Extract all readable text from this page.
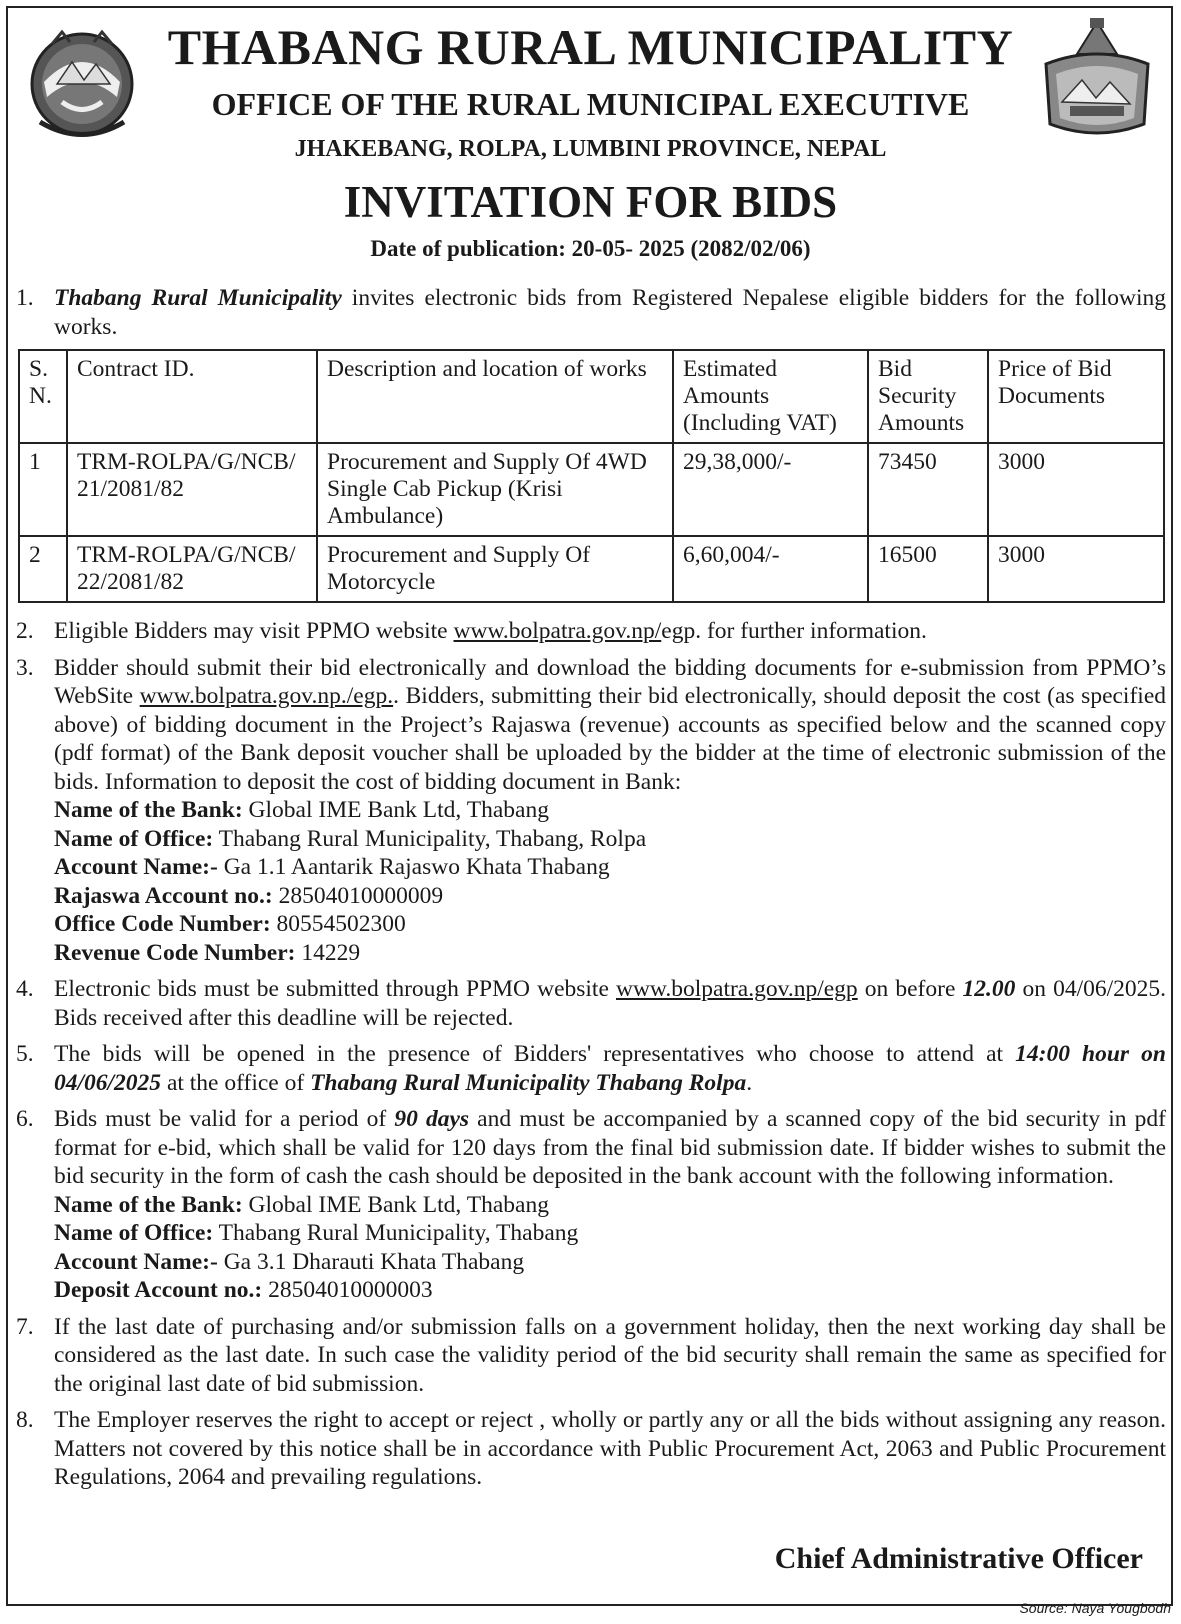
THABANG RURAL MUNICIPALITY
OFFICE OF THE RURAL MUNICIPAL EXECUTIVE
JHAKEBANG, ROLPA, LUMBINI PROVINCE, NEPAL
INVITATION FOR BIDS
Date of publication: 20-05- 2025 (2082/02/06)
1. Thabang Rural Municipality invites electronic bids from Registered Nepalese eligible bidders for the following works.
S. N.	Contract ID.	Description and location of works	Estimated Amounts (Including VAT)	Bid Security Amounts	Price of Bid Documents
1	TRM-ROLPA/G/NCB/ 21/2081/82	Procurement and Supply Of 4WD Single Cab Pickup (Krisi Ambulance)	29,38,000/-	73450	3000
2	TRM-ROLPA/G/NCB/ 22/2081/82	Procurement and Supply Of Motorcycle	6,60,004/-	16500	3000
2. Eligible Bidders may visit PPMO website www.bolpatra.gov.np/egp. for further information.
3. Bidder should submit their bid electronically and download the bidding documents for e-submission from PPMO’s WebSite www.bolpatra.gov.np./egp.. Bidders, submitting their bid electronically, should deposit the cost (as specified above) of bidding document in the Project’s Rajaswa (revenue) accounts as specified below and the scanned copy (pdf format) of the Bank deposit voucher shall be uploaded by the bidder at the time of electronic submission of the bids. Information to deposit the cost of bidding document in Bank:
Name of the Bank: Global IME Bank Ltd, Thabang
Name of Office: Thabang Rural Municipality, Thabang, Rolpa
Account Name:- Ga 1.1 Aantarik Rajaswo Khata Thabang
Rajaswa Account no.: 28504010000009
Office Code Number: 80554502300
Revenue Code Number: 14229
4. Electronic bids must be submitted through PPMO website www.bolpatra.gov.np/egp on before 12.00 on 04/06/2025. Bids received after this deadline will be rejected.
5. The bids will be opened in the presence of Bidders' representatives who choose to attend at 14:00 hour on 04/06/2025 at the office of Thabang Rural Municipality Thabang Rolpa.
6. Bids must be valid for a period of 90 days and must be accompanied by a scanned copy of the bid security in pdf format for e-bid, which shall be valid for 120 days from the final bid submission date. If bidder wishes to submit the bid security in the form of cash the cash should be deposited in the bank account with the following information.
Name of the Bank: Global IME Bank Ltd, Thabang
Name of Office: Thabang Rural Municipality, Thabang
Account Name:- Ga 3.1 Dharauti Khata Thabang
Deposit Account no.: 28504010000003
7. If the last date of purchasing and/or submission falls on a government holiday, then the next working day shall be considered as the last date. In such case the validity period of the bid security shall remain the same as specified for the original last date of bid submission.
8. The Employer reserves the right to accept or reject , wholly or partly any or all the bids without assigning any reason. Matters not covered by this notice shall be in accordance with Public Procurement Act, 2063 and Public Procurement Regulations, 2064 and prevailing regulations.
Chief Administrative Officer
Source: Naya Yougbodh
